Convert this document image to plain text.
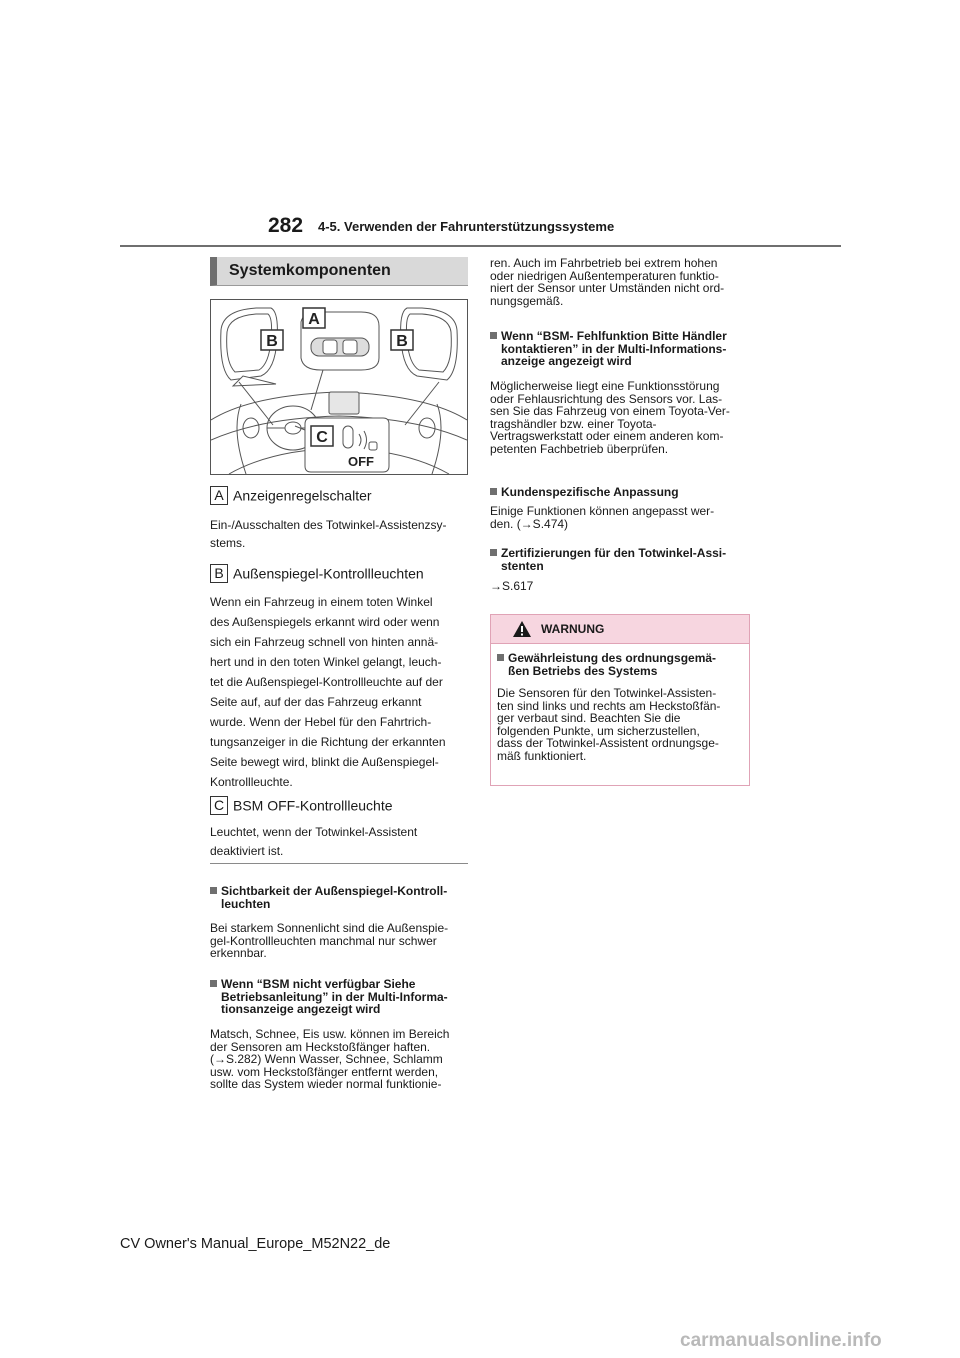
282 4-5. Verwenden der Fahrunterstützungssysteme
Systemkomponenten
B	B
A
C
OFF
A Anzeigenregelschalter
Ein-/Ausschalten des Totwinkel-Assistenzsy-
stems.
B Außenspiegel-Kontrollleuchten
Wenn ein Fahrzeug in einem toten Winkel
des Außenspiegels erkannt wird oder wenn
sich ein Fahrzeug schnell von hinten annä-
hert und in den toten Winkel gelangt, leuch-
tet die Außenspiegel-Kontrollleuchte auf der
Seite auf, auf der das Fahrzeug erkannt
wurde. Wenn der Hebel für den Fahrtrich-
tungsanzeiger in die Richtung der erkannten
Seite bewegt wird, blinkt die Außenspiegel-
Kontrollleuchte.
C BSM OFF-Kontrollleuchte
Leuchtet, wenn der Totwinkel-Assistent
deaktiviert ist.
Sichtbarkeit der Außenspiegel-Kontroll-
leuchten
Bei starkem Sonnenlicht sind die Außenspie-
gel-Kontrollleuchten manchmal nur schwer
erkennbar.
Wenn “BSM nicht verfügbar Siehe
Betriebsanleitung” in der Multi-Informa-
tionsanzeige angezeigt wird
Matsch, Schnee, Eis usw. können im Bereich
der Sensoren am Heckstoßfänger haften.
(→S.282) Wenn Wasser, Schnee, Schlamm
usw. vom Heckstoßfänger entfernt werden,
sollte das System wieder normal funktionie-
ren. Auch im Fahrbetrieb bei extrem hohen
oder niedrigen Außentemperaturen funktio-
niert der Sensor unter Umständen nicht ord-
nungsgemäß.
Wenn “BSM- Fehlfunktion Bitte Händler
kontaktieren” in der Multi-Informations-
anzeige angezeigt wird
Möglicherweise liegt eine Funktionsstörung
oder Fehlausrichtung des Sensors vor. Las-
sen Sie das Fahrzeug von einem Toyota-Ver-
tragshändler bzw. einer Toyota-
Vertragswerkstatt oder einem anderen kom-
petenten Fachbetrieb überprüfen.
Kundenspezifische Anpassung
Einige Funktionen können angepasst wer-
den. (→S.474)
Zertifizierungen für den Totwinkel-Assi-
stenten
→S.617
WARNUNG
Gewährleistung des ordnungsgemä-
ßen Betriebs des Systems
Die Sensoren für den Totwinkel-Assisten-
ten sind links und rechts am Heckstoßfän-
ger verbaut sind. Beachten Sie die
folgenden Punkte, um sicherzustellen,
dass der Totwinkel-Assistent ordnungsge-
mäß funktioniert.
CV Owner's Manual_Europe_M52N22_de
carmanualsonline.info
